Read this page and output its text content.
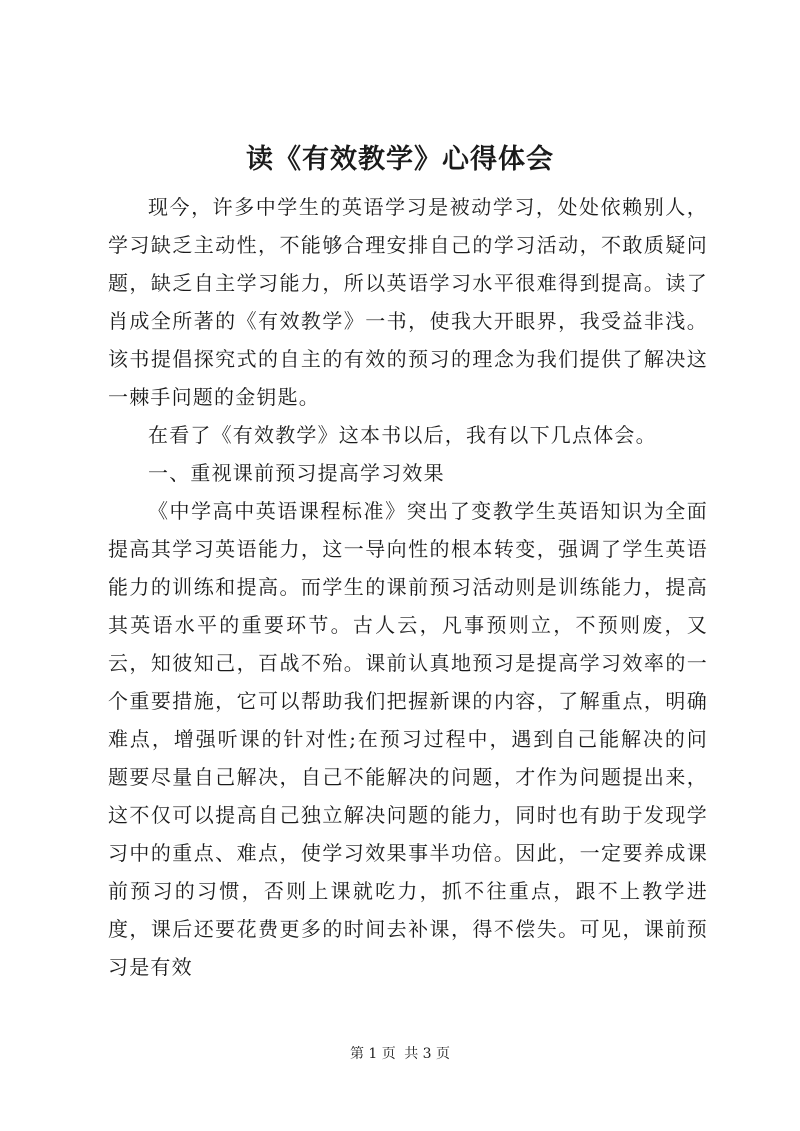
读《有效教学》心得体会

现今，许多中学生的英语学习是被动学习，处处依赖别人，学习缺乏主动性，不能够合理安排自己的学习活动，不敢质疑问题，缺乏自主学习能力，所以英语学习水平很难得到提高。读了肖成全所著的《有效教学》一书，使我大开眼界，我受益非浅。该书提倡探究式的自主的有效的预习的理念为我们提供了解决这一棘手问题的金钥匙。

在看了《有效教学》这本书以后，我有以下几点体会。

一、重视课前预习提高学习效果

《中学高中英语课程标准》突出了变教学生英语知识为全面提高其学习英语能力，这一导向性的根本转变，强调了学生英语能力的训练和提高。而学生的课前预习活动则是训练能力，提高其英语水平的重要环节。古人云，凡事预则立，不预则废，又云，知彼知己，百战不殆。课前认真地预习是提高学习效率的一个重要措施，它可以帮助我们把握新课的内容，了解重点，明确难点，增强听课的针对性;在预习过程中，遇到自己能解决的问题要尽量自己解决，自己不能解决的问题，才作为问题提出来，这不仅可以提高自己独立解决问题的能力，同时也有助于发现学习中的重点、难点，使学习效果事半功倍。因此，一定要养成课前预习的习惯，否则上课就吃力，抓不往重点，跟不上教学进度，课后还要花费更多的时间去补课，得不偿失。可见，课前预习是有效

第 1 页 共 3 页
